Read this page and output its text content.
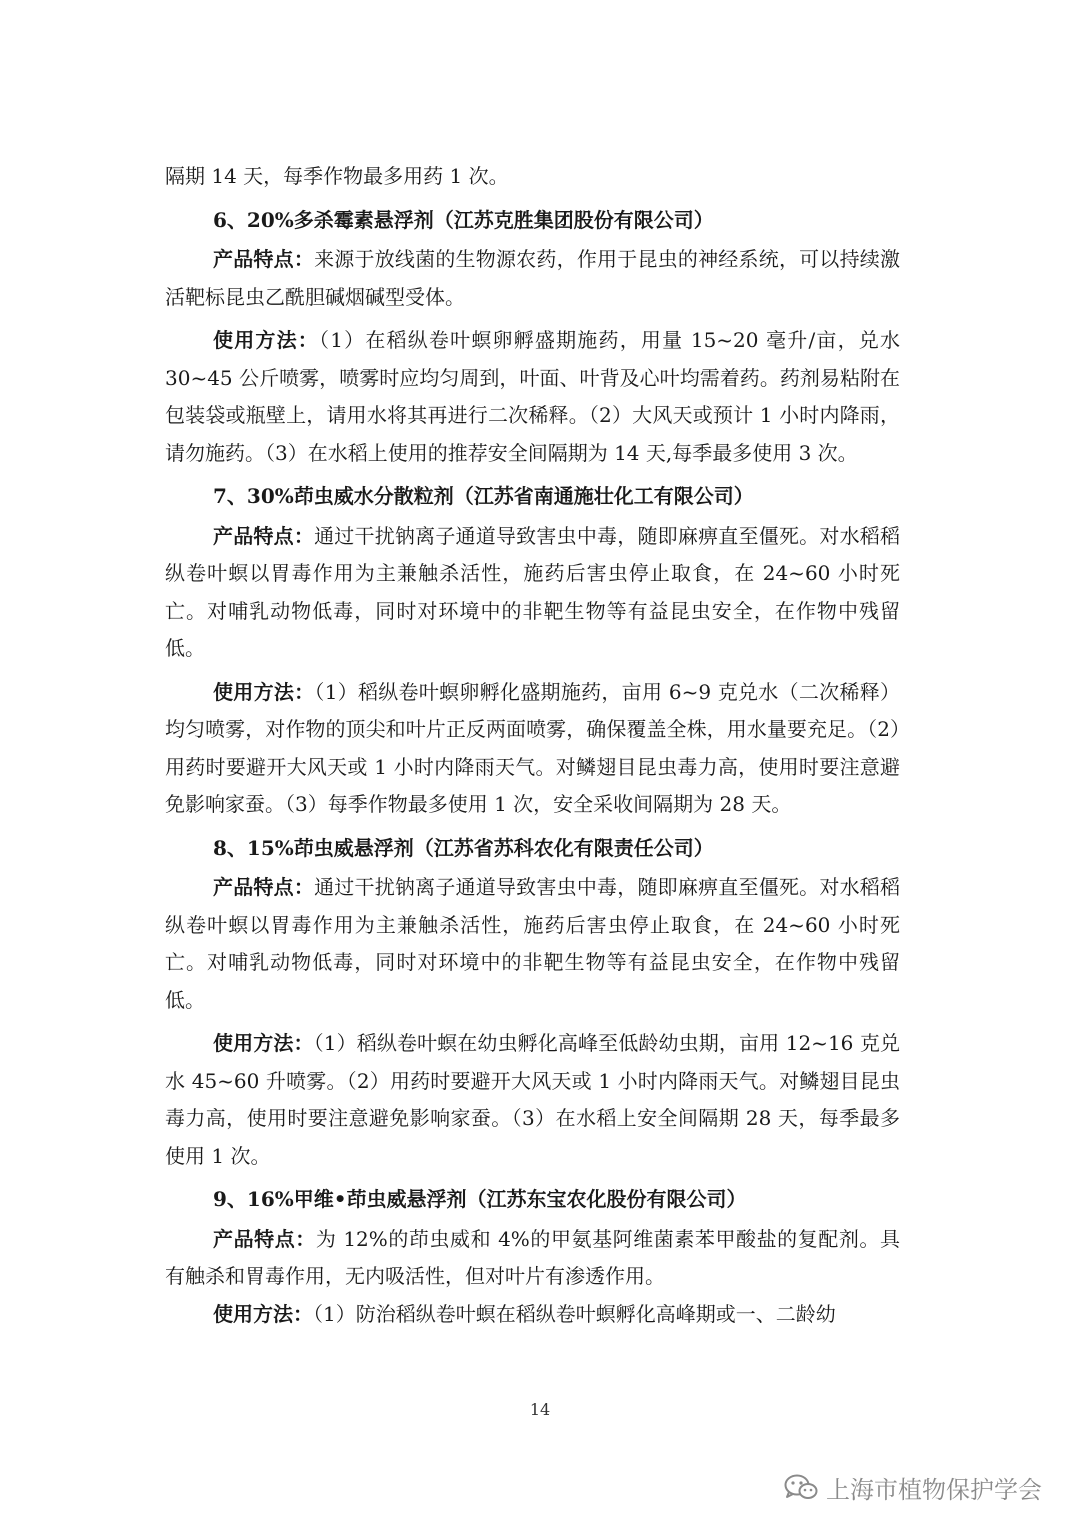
隔期 14 天，每季作物最多用药 1 次。

6、20%多杀霉素悬浮剂（江苏克胜集团股份有限公司）

产品特点：来源于放线菌的生物源农药，作用于昆虫的神经系统，可以持续激活靶标昆虫乙酰胆碱烟碱型受体。

使用方法：（1）在稻纵卷叶螟卵孵盛期施药，用量 15~20 毫升/亩，兑水 30~45 公斤喷雾，喷雾时应均匀周到，叶面、叶背及心叶均需着药。药剂易粘附在包装袋或瓶壁上，请用水将其再进行二次稀释。（2）大风天或预计 1 小时内降雨，请勿施药。（3）在水稻上使用的推荐安全间隔期为 14 天,每季最多使用 3 次。

7、30%茚虫威水分散粒剂（江苏省南通施壮化工有限公司）

产品特点：通过干扰钠离子通道导致害虫中毒，随即麻痹直至僵死。对水稻稻纵卷叶螟以胃毒作用为主兼触杀活性，施药后害虫停止取食，在 24~60 小时死亡。对哺乳动物低毒，同时对环境中的非靶生物等有益昆虫安全，在作物中残留低。

使用方法：（1）稻纵卷叶螟卵孵化盛期施药，亩用 6~9 克兑水（二次稀释）均匀喷雾，对作物的顶尖和叶片正反两面喷雾，确保覆盖全株，用水量要充足。（2）用药时要避开大风天或 1 小时内降雨天气。对鳞翅目昆虫毒力高，使用时要注意避免影响家蚕。（3）每季作物最多使用 1 次，安全采收间隔期为 28 天。

8、15%茚虫威悬浮剂（江苏省苏科农化有限责任公司）

产品特点：通过干扰钠离子通道导致害虫中毒，随即麻痹直至僵死。对水稻稻纵卷叶螟以胃毒作用为主兼触杀活性，施药后害虫停止取食，在 24~60 小时死亡。对哺乳动物低毒，同时对环境中的非靶生物等有益昆虫安全，在作物中残留低。

使用方法：（1）稻纵卷叶螟在幼虫孵化高峰至低龄幼虫期，亩用 12~16 克兑水 45~60 升喷雾。（2）用药时要避开大风天或 1 小时内降雨天气。对鳞翅目昆虫毒力高，使用时要注意避免影响家蚕。（3）在水稻上安全间隔期 28 天，每季最多使用 1 次。

9、16%甲维•茚虫威悬浮剂（江苏东宝农化股份有限公司）

产品特点：为 12%的茚虫威和 4%的甲氨基阿维菌素苯甲酸盐的复配剂。具有触杀和胃毒作用，无内吸活性，但对叶片有渗透作用。

使用方法：（1）防治稻纵卷叶螟在稻纵卷叶螟孵化高峰期或一、二龄幼

14
上海市植物保护学会
